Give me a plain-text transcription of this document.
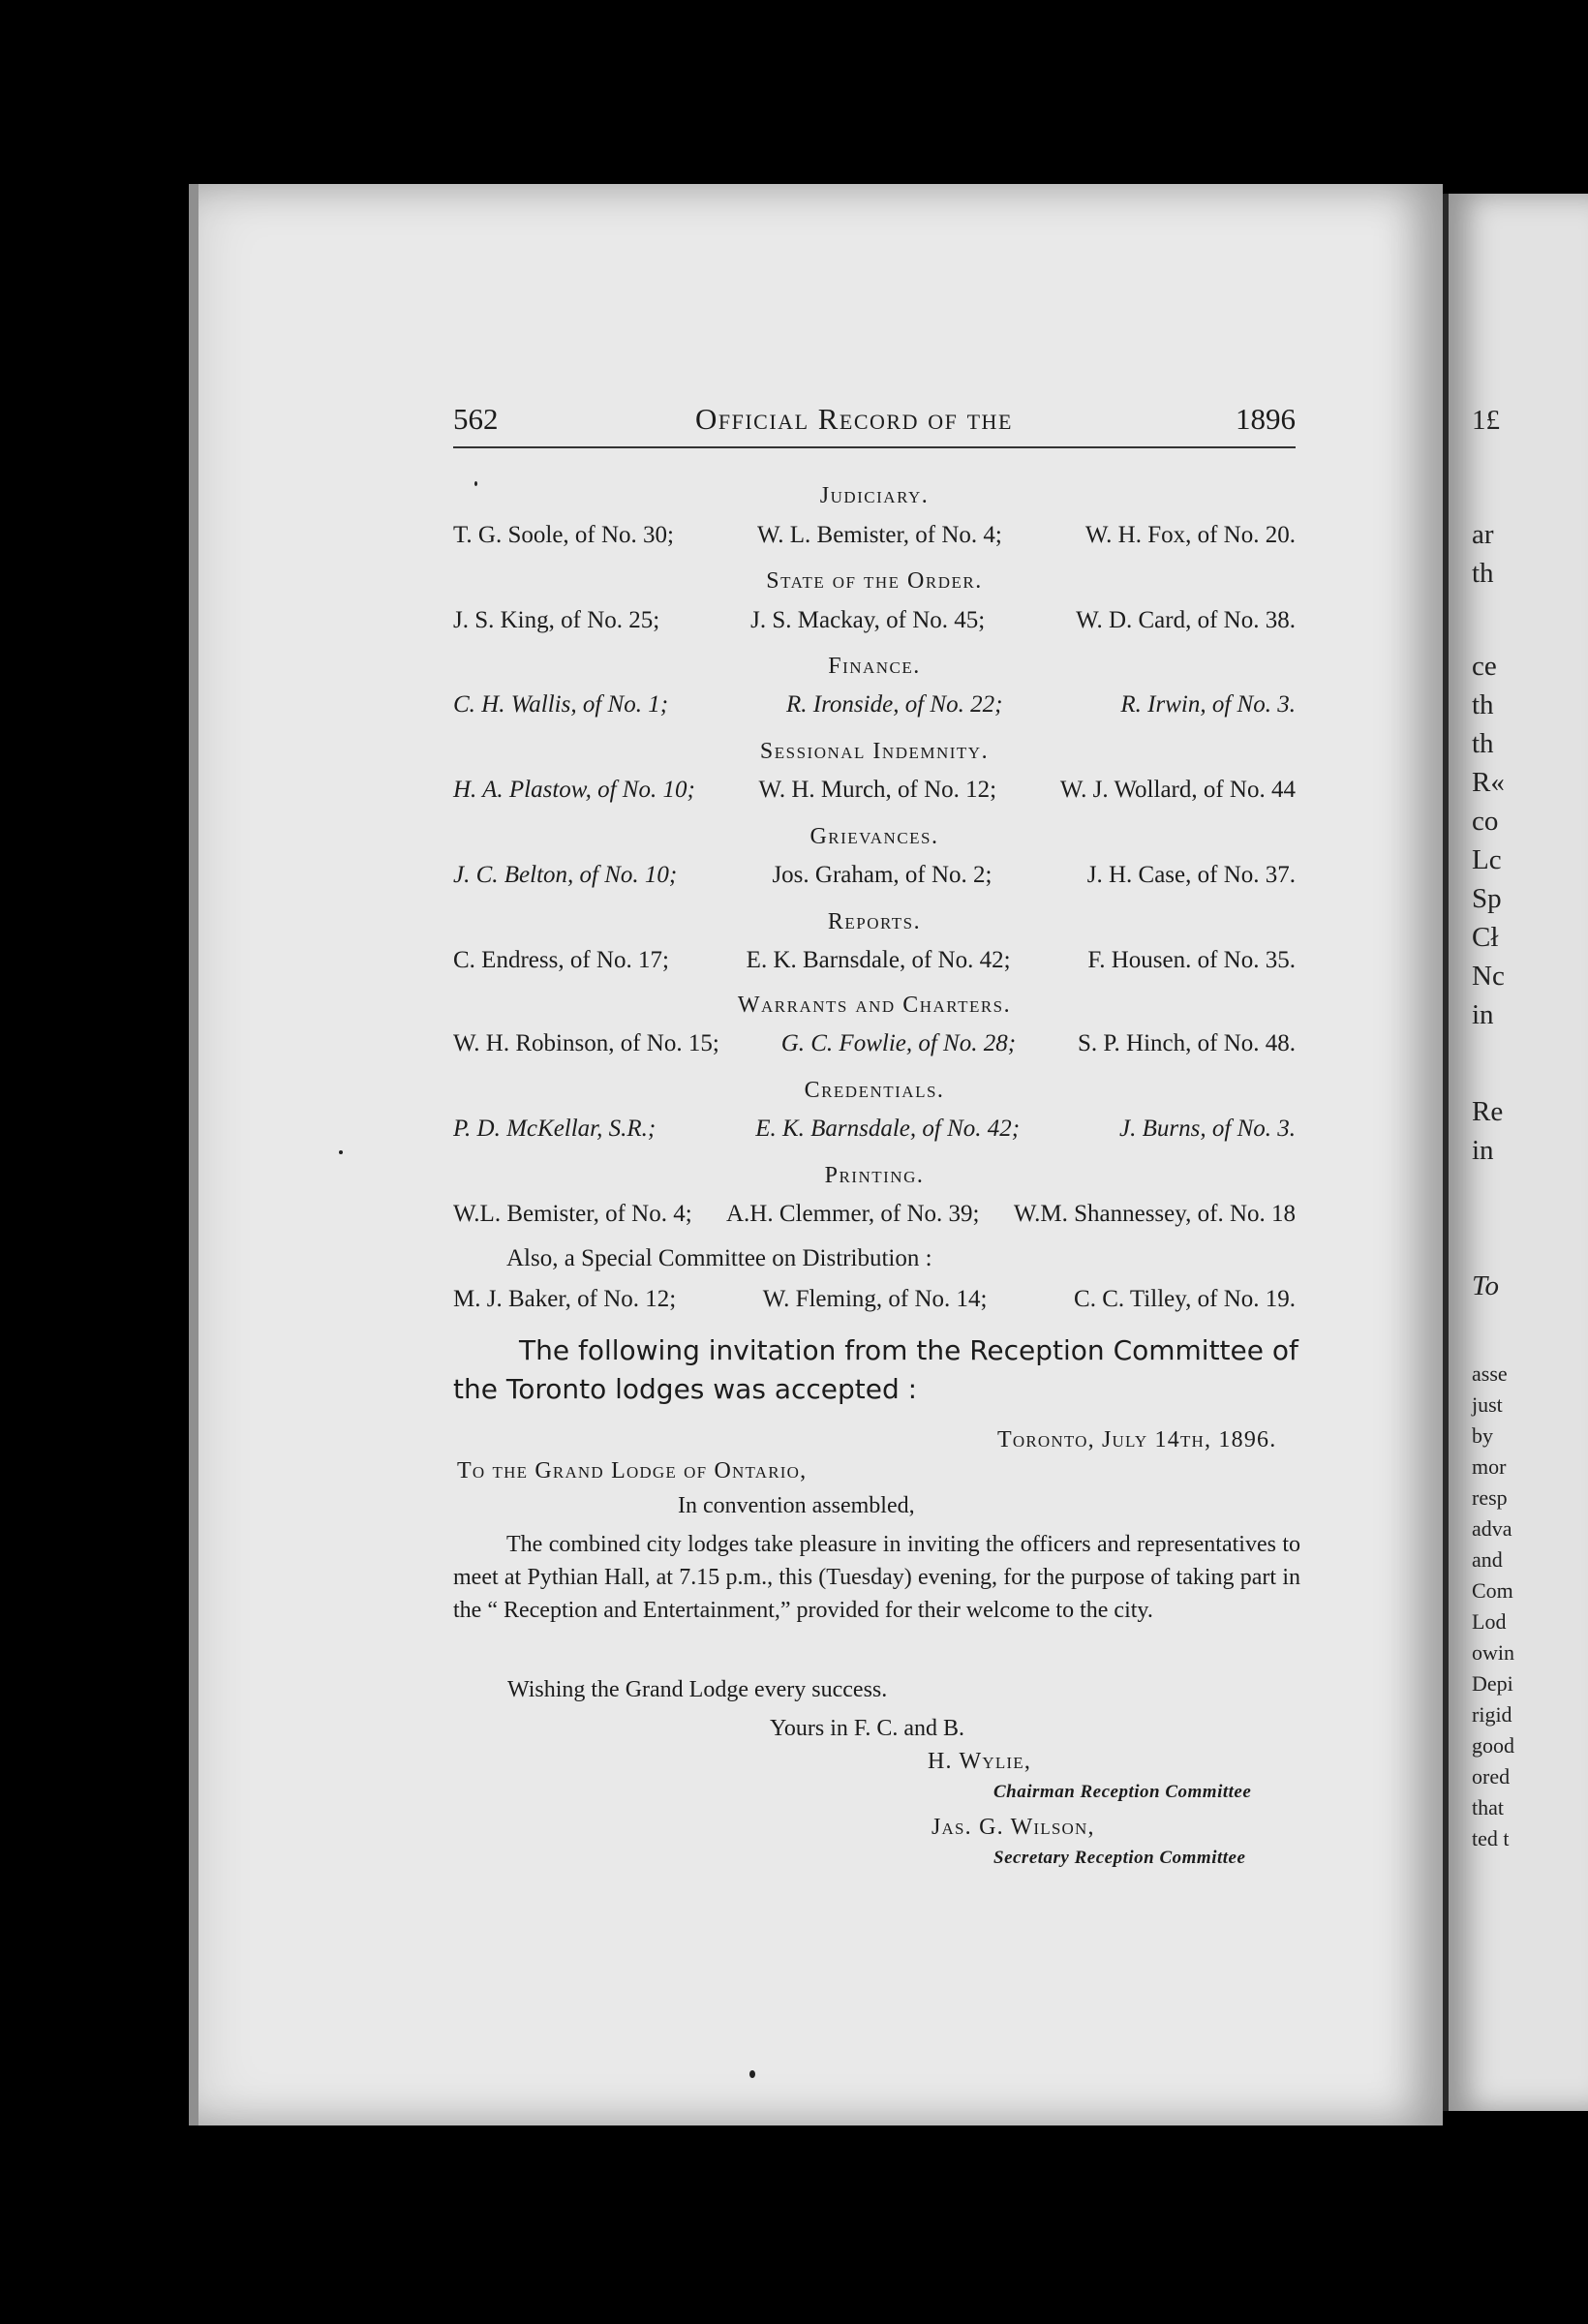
1£
ar
th
ce
th
th
R«
co
Lc
Sp
Cł
Nc
in
Re
in
To
asse
just
by
mor
resp
adva
and
Com
Lod
owin
Depi
rigid
good
ored
that
ted t
562	Official Record of the	1896
Judiciary.
T. G. Soole, of No. 30;	W. L. Bemister, of No. 4;	W. H. Fox, of No. 20.
State of the Order.
J. S. King, of No. 25;	J. S. Mackay, of No. 45;	W. D. Card, of No. 38.
Finance.
C. H. Wallis, of No. 1;	R. Ironside, of No. 22;	R. Irwin, of No. 3.
Sessional Indemnity.
H. A. Plastow, of No. 10;	W. H. Murch, of No. 12;	W. J. Wollard, of No. 44
Grievances.
J. C. Belton, of No. 10;	Jos. Graham, of No. 2;	J. H. Case, of No. 37.
Reports.
C. Endress, of No. 17;	E. K. Barnsdale, of No. 42;	F. Housen. of No. 35.
Warrants and Charters.
W. H. Robinson, of No. 15;	G. C. Fowlie, of No. 28;	S. P. Hinch, of No. 48.
Credentials.
P. D. McKellar, S.R.;	E. K. Barnsdale, of No. 42;	J. Burns, of No. 3.
Printing.
W.L. Bemister, of No. 4; A.H. Clemmer, of No. 39; W.M. Shannessey, of. No. 18
Also, a Special Committee on Distribution :
M. J. Baker, of No. 12;	W. Fleming, of No. 14;	C. C. Tilley, of No. 19.
The following invitation from the Reception Committee of the Toronto lodges was accepted :
Toronto, July 14th, 1896.
To the Grand Lodge of Ontario,
In convention assembled,
The combined city lodges take pleasure in inviting the officers and representatives to meet at Pythian Hall, at 7.15 p.m., this (Tuesday) evening, for the purpose of taking part in the “ Reception and Entertainment,” provided for their welcome to the city.
Wishing the Grand Lodge every success.
Yours in F. C. and B.
H. Wylie,
Chairman Reception Committee
Jas. G. Wilson,
Secretary Reception Committee
